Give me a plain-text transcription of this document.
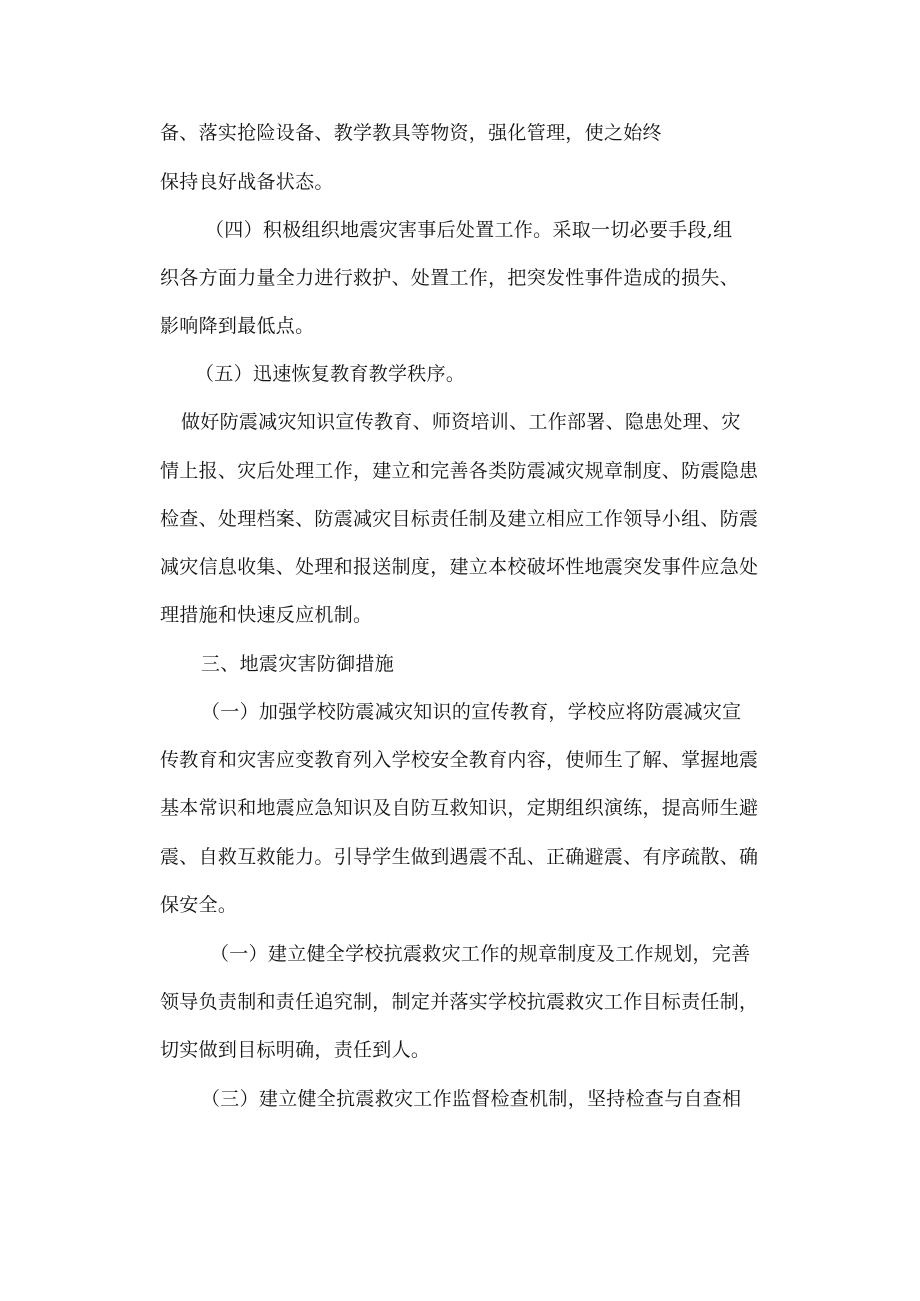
备、落实抢险设备、教学教具等物资，强化管理，使之始终
保持良好战备状态。
（四）积极组织地震灾害事后处置工作。采取一切必要手段,组
织各方面力量全力进行救护、处置工作，把突发性事件造成的损失、
影响降到最低点。
（五）迅速恢复教育教学秩序。
做好防震减灾知识宣传教育、师资培训、工作部署、隐患处理、灾
情上报、灾后处理工作，建立和完善各类防震减灾规章制度、防震隐患
检查、处理档案、防震减灾目标责任制及建立相应工作领导小组、防震
减灾信息收集、处理和报送制度，建立本校破坏性地震突发事件应急处
理措施和快速反应机制。
三、地震灾害防御措施
（一）加强学校防震减灾知识的宣传教育，学校应将防震减灾宣
传教育和灾害应变教育列入学校安全教育内容，使师生了解、掌握地震
基本常识和地震应急知识及自防互救知识，定期组织演练，提高师生避
震、自救互救能力。引导学生做到遇震不乱、正确避震、有序疏散、确
保安全。
（一）建立健全学校抗震救灾工作的规章制度及工作规划，完善
领导负责制和责任追究制，制定并落实学校抗震救灾工作目标责任制，
切实做到目标明确，责任到人。
（三）建立健全抗震救灾工作监督检查机制，坚持检查与自查相
